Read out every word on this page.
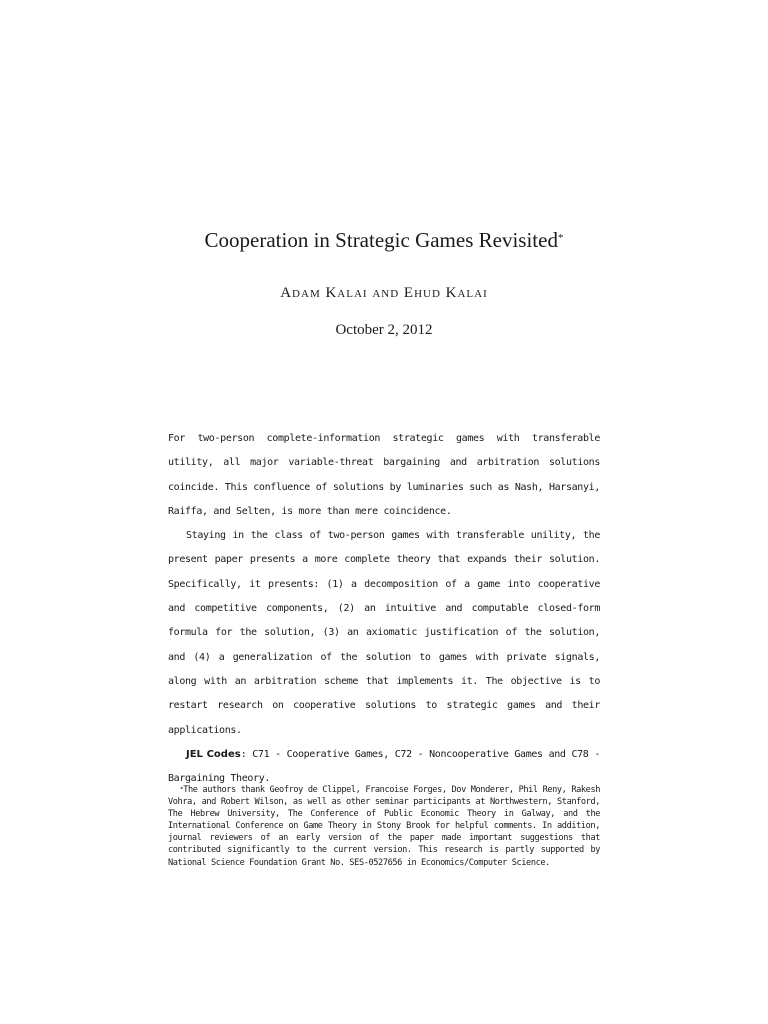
Cooperation in Strategic Games Revisited*
Adam Kalai and Ehud Kalai
October 2, 2012

For two-person complete-information strategic games with transferable utility, all major variable-threat bargaining and arbitration solutions coincide. This confluence of solutions by luminaries such as Nash, Harsanyi, Raiffa, and Selten, is more than mere coincidence.

Staying in the class of two-person games with transferable unility, the present paper presents a more complete theory that expands their solution. Specifically, it presents: (1) a decomposition of a game into cooperative and competitive components, (2) an intuitive and computable closed-form formula for the solution, (3) an axiomatic justification of the solution, and (4) a generalization of the solution to games with private signals, along with an arbitration scheme that implements it. The objective is to restart research on cooperative solutions to strategic games and their applications.

JEL Codes: C71 - Cooperative Games, C72 - Noncooperative Games and C78 - Bargaining Theory.

*The authors thank Geofroy de Clippel, Francoise Forges, Dov Monderer, Phil Reny, Rakesh Vohra, and Robert Wilson, as well as other seminar participants at Northwestern, Stanford, The Hebrew University, The Conference of Public Economic Theory in Galway, and the International Conference on Game Theory in Stony Brook for helpful comments. In addition, journal reviewers of an early version of the paper made important suggestions that contributed significantly to the current version. This research is partly supported by National Science Foundation Grant No. SES-0527656 in Economics/Computer Science.
